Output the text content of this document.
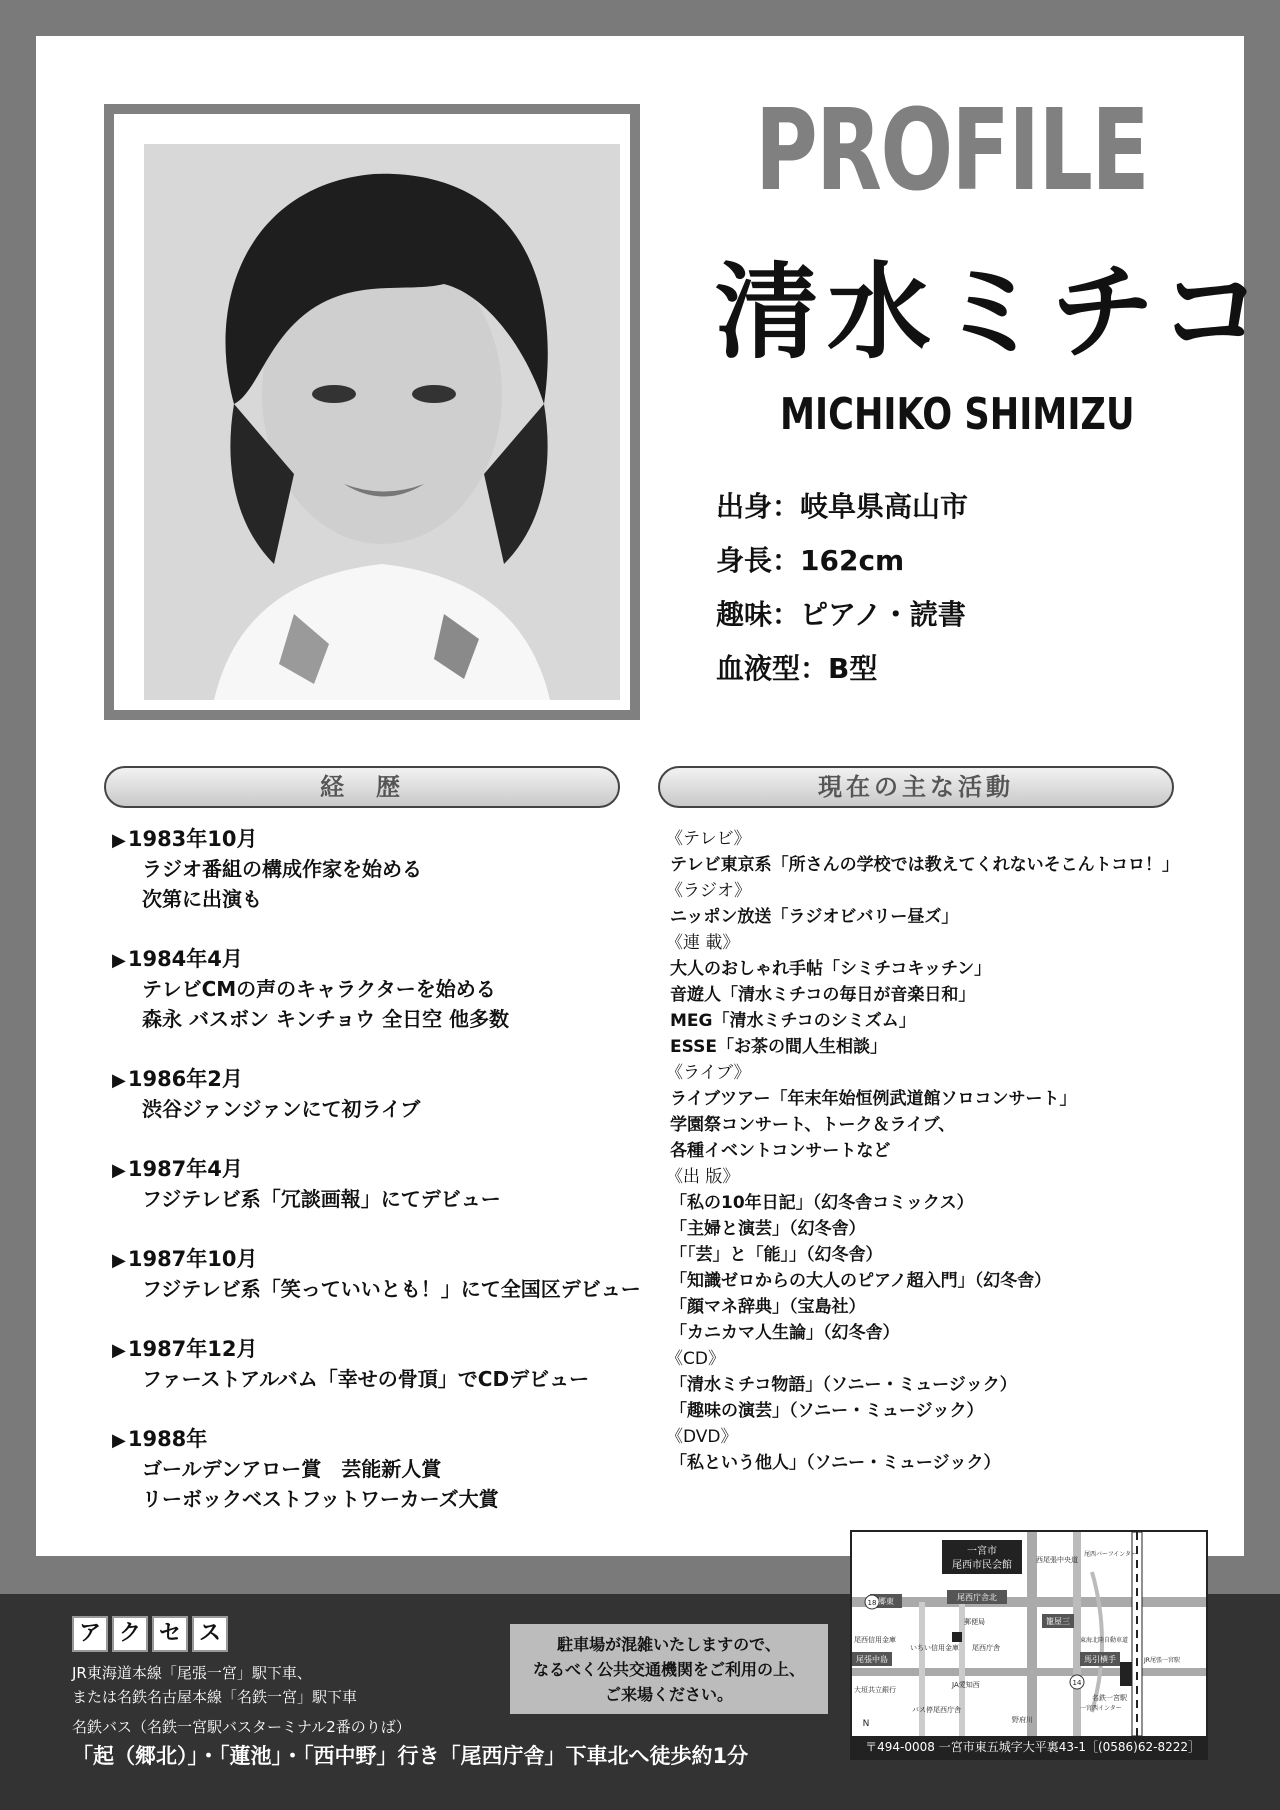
PROFILE
清水ミチコ
MICHIKO SHIMIZU
出身：岐阜県高山市
身長：162cm
趣味：ピアノ・読書
血液型：B型
経　歴	現在の主な活動
▶1983年10月
ラジオ番組の構成作家を始める
次第に出演も
▶1984年4月
テレビCMの声のキャラクターを始める
森永 バスボン キンチョウ 全日空 他多数
▶1986年2月
渋谷ジァンジァンにて初ライブ
▶1987年4月
フジテレビ系「冗談画報」にてデビュー
▶1987年10月
フジテレビ系「笑っていいとも！」にて全国区デビュー
▶1987年12月
ファーストアルバム「幸せの骨頂」でCDデビュー
▶1988年
ゴールデンアロー賞　芸能新人賞
リーボックベストフットワーカーズ大賞
《テレビ》
テレビ東京系「所さんの学校では教えてくれないそこんトコロ！」
《ラジオ》
ニッポン放送「ラジオビバリー昼ズ」
《連 載》
大人のおしゃれ手帖「シミチコキッチン」
音遊人「清水ミチコの毎日が音楽日和」
MEG「清水ミチコのシミズム」
ESSE「お茶の間人生相談」
《ライブ》
ライブツアー「年末年始恒例武道館ソロコンサート」
学園祭コンサート、トーク＆ライブ、
各種イベントコンサートなど
《出 版》
「私の10年日記」（幻冬舎コミックス）
「主婦と演芸」（幻冬舎）
「「芸」と「能」」（幻冬舎）
「知識ゼロからの大人のピアノ超入門」（幻冬舎）
「顔マネ辞典」（宝島社）
「カニカマ人生論」（幻冬舎）
《CD》
「清水ミチコ物語」（ソニー・ミュージック）
「趣味の演芸」（ソニー・ミュージック）
《DVD》
「私という他人」（ソニー・ミュージック）
ア ク セ ス
JR東海道本線「尾張一宮」駅下車、
または名鉄名古屋本線「名鉄一宮」駅下車
名鉄バス（名鉄一宮駅バスターミナル2番のりば）
「起（郷北）」・「蓮池」・「西中野」行き「尾西庁舎」下車北へ徒歩約1分
駐車場が混雑いたしますので、
なるべく公共交通機関をご利用の上、
ご来場ください。
一宮市
尾西市民会館
郷東	尾西庁舎北
郵便局
尾西信用金庫
いちい信用金庫 尾西庁舎
尾張中島
大垣共立銀行
JA愛知西
バス停尾西庁舎
野府川
西尾張中央道
籠屋三
東海北陸自動車道
馬引横手
尾西バーフインター
一宮西インター
名鉄一宮駅
JR尾張一宮駅
N
18
14
〒494-0008 一宮市東五城字大平裏43-1［(0586)62-8222］
